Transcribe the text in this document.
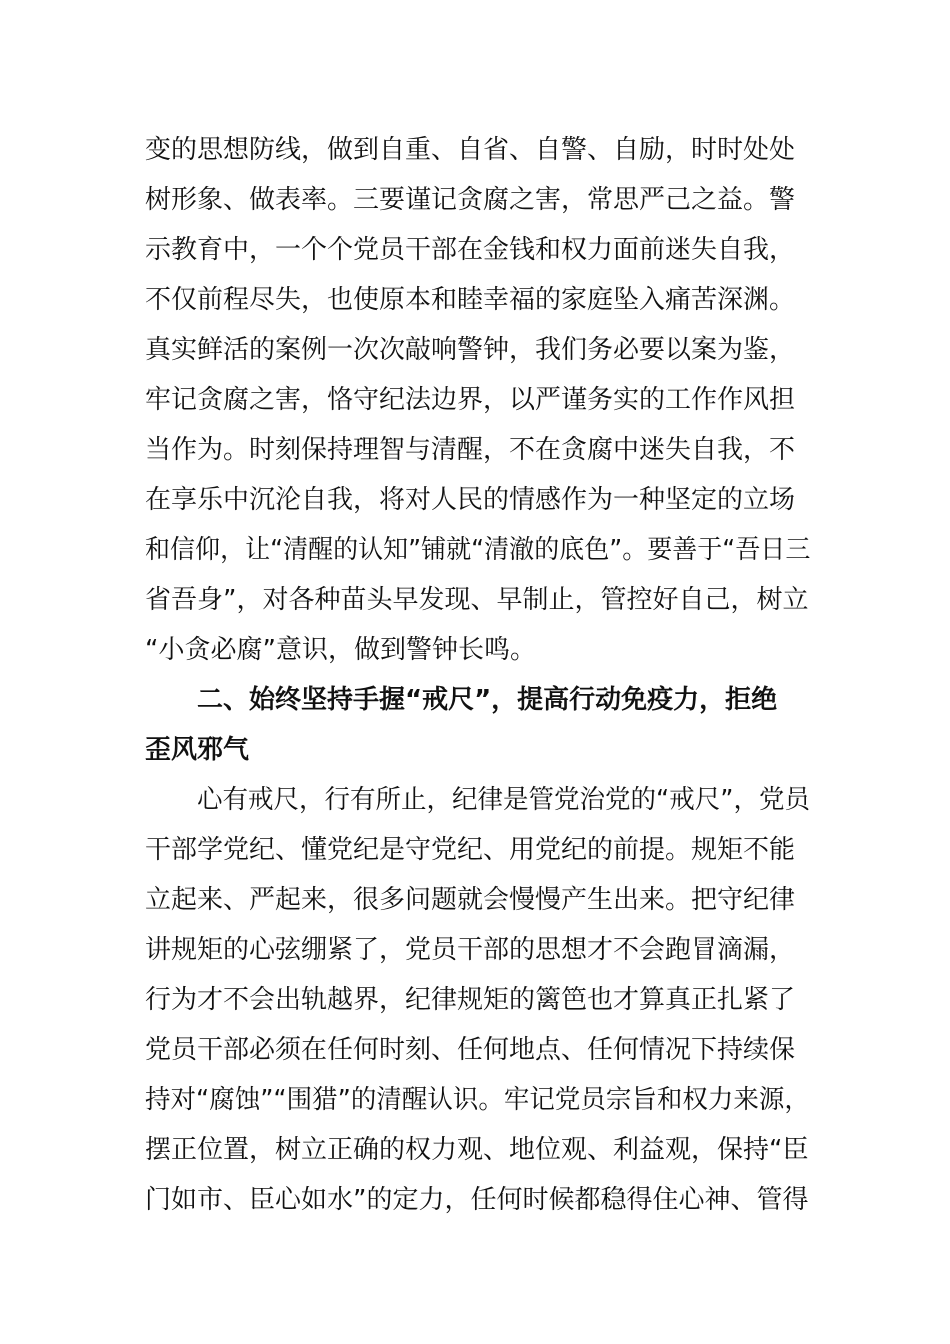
变的思想防线，做到自重、自省、自警、自励，时时处处
树形象、做表率。三要谨记贪腐之害，常思严己之益。警
示教育中，一个个党员干部在金钱和权力面前迷失自我，
不仅前程尽失，也使原本和睦幸福的家庭坠入痛苦深渊。
真实鲜活的案例一次次敲响警钟，我们务必要以案为鉴，
牢记贪腐之害，恪守纪法边界，以严谨务实的工作作风担
当作为。时刻保持理智与清醒，不在贪腐中迷失自我，不
在享乐中沉沦自我，将对人民的情感作为一种坚定的立场
和信仰，让“清醒的认知”铺就“清澈的底色”。要善于“吾日三
省吾身”，对各种苗头早发现、早制止，管控好自己，树立
“小贪必腐”意识，做到警钟长鸣。
二、始终坚持手握“戒尺”，提高行动免疫力，拒绝
歪风邪气
心有戒尺，行有所止，纪律是管党治党的“戒尺”，党员
干部学党纪、懂党纪是守党纪、用党纪的前提。规矩不能
立起来、严起来，很多问题就会慢慢产生出来。把守纪律
讲规矩的心弦绷紧了，党员干部的思想才不会跑冒滴漏，
行为才不会出轨越界，纪律规矩的篱笆也才算真正扎紧了
党员干部必须在任何时刻、任何地点、任何情况下持续保
持对“腐蚀”“围猎”的清醒认识。牢记党员宗旨和权力来源，
摆正位置，树立正确的权力观、地位观、利益观，保持“臣
门如市、臣心如水”的定力，任何时候都稳得住心神、管得
